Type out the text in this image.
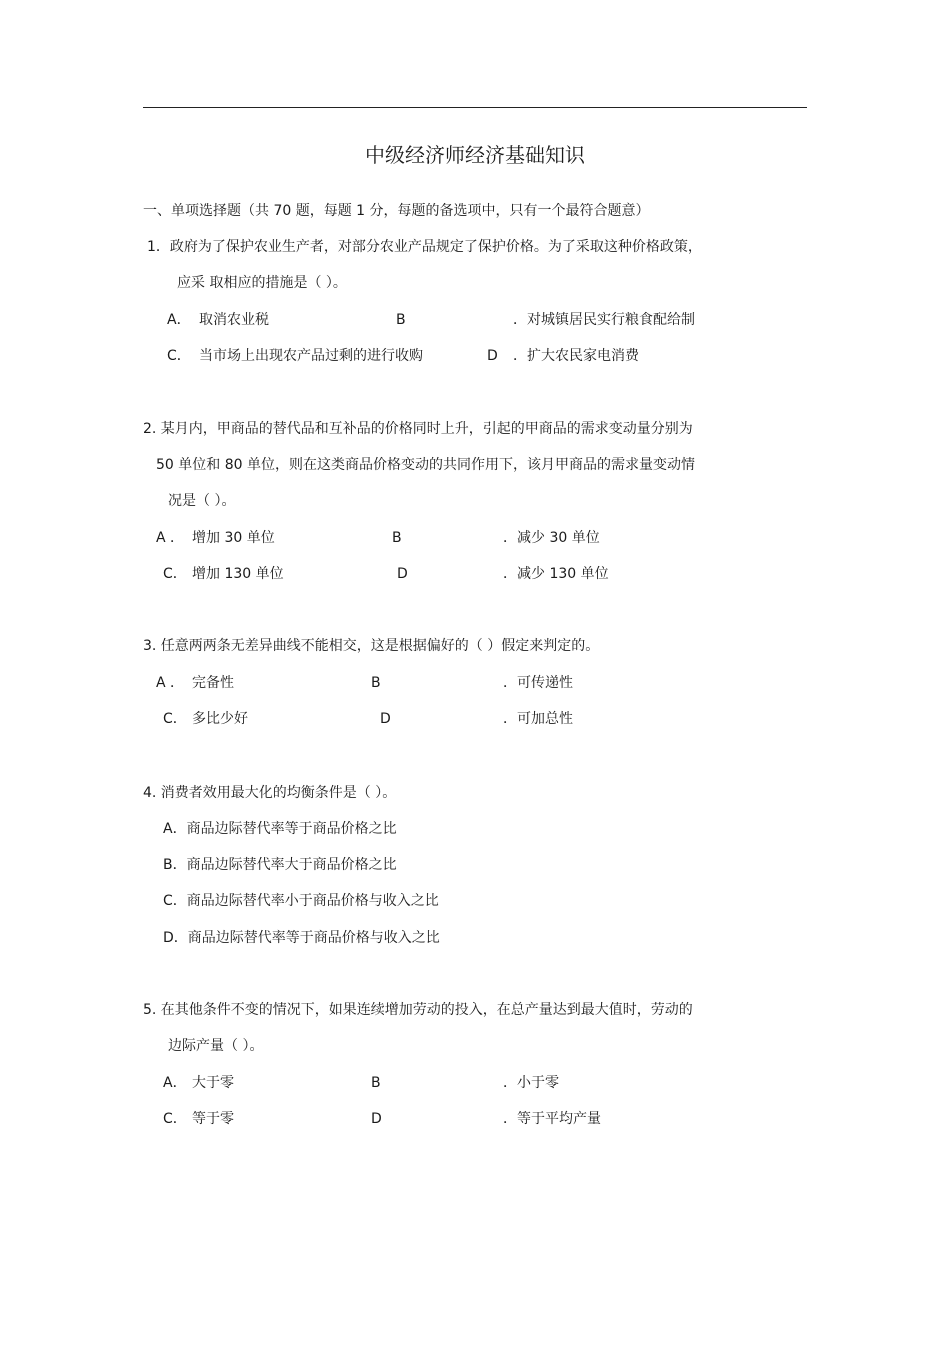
中级经济师经济基础知识
一、单项选择题（共 70 题，每题 1 分，每题的备选项中，只有一个最符合题意）
1．政府为了保护农业生产者，对部分农业产品规定了保护价格。为了采取这种价格政策，
应采 取相应的措施是（ ）。
A． 取消农业税	B	．对城镇居民实行粮食配给制
C． 当市场上出现农产品过剩的进行收购	D ．扩大农民家电消费
2. 某月内，甲商品的替代品和互补品的价格同时上升，引起的甲商品的需求变动量分别为
50 单位和 80 单位，则在这类商品价格变动的共同作用下，该月甲商品的需求量变动情
况是（ ）。
A ． 增加 30 单位	B	．减少 30 单位
C． 增加 130 单位	D	．减少 130 单位
3. 任意两两条无差异曲线不能相交，这是根据偏好的（ ）假定来判定的。
A ． 完备性	B	．可传递性
C． 多比少好	D	．可加总性
4. 消费者效用最大化的均衡条件是（ ）。
A．商品边际替代率等于商品价格之比
B．商品边际替代率大于商品价格之比
C．商品边际替代率小于商品价格与收入之比
D．商品边际替代率等于商品价格与收入之比
5. 在其他条件不变的情况下，如果连续增加劳动的投入，在总产量达到最大值时，劳动的
边际产量（ ）。
A． 大于零	B	．小于零
C． 等于零	D	．等于平均产量
